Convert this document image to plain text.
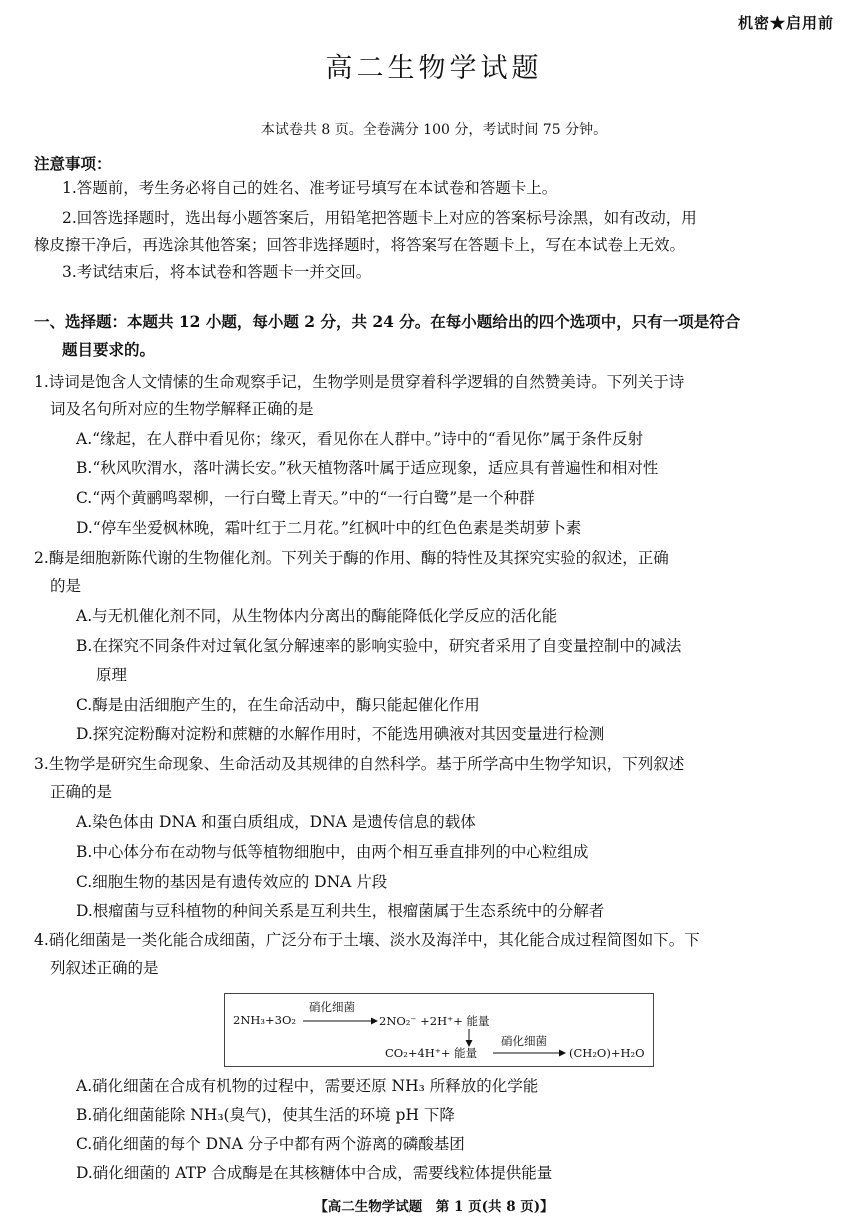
机密★启用前
高二生物学试题
本试卷共 8 页。全卷满分 100 分，考试时间 75 分钟。
注意事项：
1.答题前，考生务必将自己的姓名、准考证号填写在本试卷和答题卡上。
2.回答选择题时，选出每小题答案后，用铅笔把答题卡上对应的答案标号涂黑，如有改动，用
橡皮擦干净后，再选涂其他答案；回答非选择题时，将答案写在答题卡上，写在本试卷上无效。
3.考试结束后，将本试卷和答题卡一并交回。
一、选择题：本题共 12 小题，每小题 2 分，共 24 分。在每小题给出的四个选项中，只有一项是符合
题目要求的。
1.诗词是饱含人文情愫的生命观察手记，生物学则是贯穿着科学逻辑的自然赞美诗。下列关于诗
词及名句所对应的生物学解释正确的是
A.“缘起，在人群中看见你；缘灭，看见你在人群中。”诗中的“看见你”属于条件反射
B.“秋风吹渭水，落叶满长安。”秋天植物落叶属于适应现象，适应具有普遍性和相对性
C.“两个黄鹂鸣翠柳，一行白鹭上青天。”中的“一行白鹭”是一个种群
D.“停车坐爱枫林晚，霜叶红于二月花。”红枫叶中的红色色素是类胡萝卜素
2.酶是细胞新陈代谢的生物催化剂。下列关于酶的作用、酶的特性及其探究实验的叙述，正确
的是
A.与无机催化剂不同，从生物体内分离出的酶能降低化学反应的活化能
B.在探究不同条件对过氧化氢分解速率的影响实验中，研究者采用了自变量控制中的减法
原理
C.酶是由活细胞产生的，在生命活动中，酶只能起催化作用
D.探究淀粉酶对淀粉和蔗糖的水解作用时，不能选用碘液对其因变量进行检测
3.生物学是研究生命现象、生命活动及其规律的自然科学。基于所学高中生物学知识，下列叙述
正确的是
A.染色体由 DNA 和蛋白质组成，DNA 是遗传信息的载体
B.中心体分布在动物与低等植物细胞中，由两个相互垂直排列的中心粒组成
C.细胞生物的基因是有遗传效应的 DNA 片段
D.根瘤菌与豆科植物的种间关系是互利共生，根瘤菌属于生态系统中的分解者
4.硝化细菌是一类化能合成细菌，广泛分布于土壤、淡水及海洋中，其化能合成过程简图如下。下
列叙述正确的是
2NH₃+3O₂
硝化细菌
2NO₂⁻ +2H⁺+ 能量
CO₂+4H⁺+ 能量
硝化细菌
(CH₂O)+H₂O
A.硝化细菌在合成有机物的过程中，需要还原 NH₃ 所释放的化学能
B.硝化细菌能除 NH₃(臭气)，使其生活的环境 pH 下降
C.硝化细菌的每个 DNA 分子中都有两个游离的磷酸基团
D.硝化细菌的 ATP 合成酶是在其核糖体中合成，需要线粒体提供能量
【高二生物学试题　第 1 页(共 8 页)】
